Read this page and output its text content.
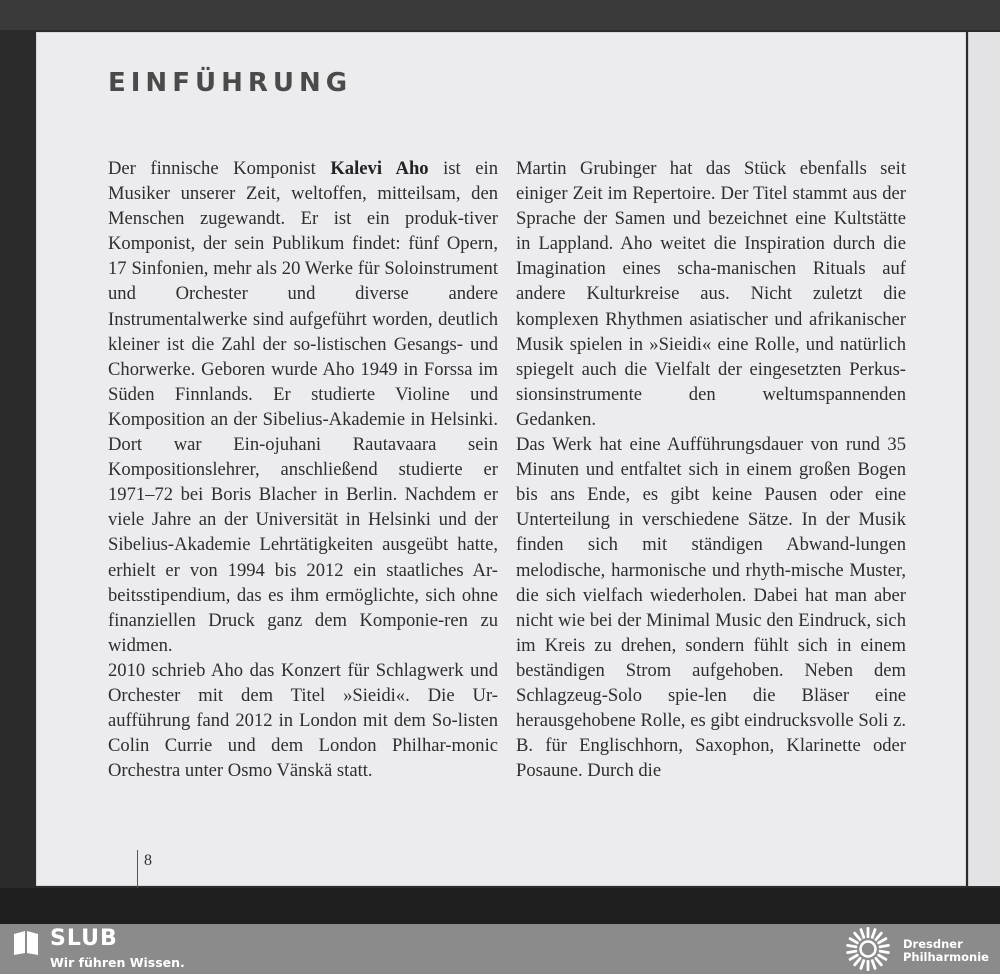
EINFÜHRUNG

Der finnische Komponist Kalevi Aho ist ein Musiker unserer Zeit, weltoffen, mitteilsam, den Menschen zugewandt. Er ist ein produk-tiver Komponist, der sein Publikum findet: fünf Opern, 17 Sinfonien, mehr als 20 Werke für Soloinstrument und Orchester und diverse andere Instrumentalwerke sind aufgeführt worden, deutlich kleiner ist die Zahl der so-listischen Gesangs- und Chorwerke. Geboren wurde Aho 1949 in Forssa im Süden Finnlands. Er studierte Violine und Komposition an der Sibelius-Akademie in Helsinki. Dort war Ein-ojuhani Rautavaara sein Kompositionslehrer, anschließend studierte er 1971–72 bei Boris Blacher in Berlin. Nachdem er viele Jahre an der Universität in Helsinki und der Sibelius-Akademie Lehrtätigkeiten ausgeübt hatte, erhielt er von 1994 bis 2012 ein staatliches Ar-beitsstipendium, das es ihm ermöglichte, sich ohne finanziellen Druck ganz dem Komponie-ren zu widmen.

2010 schrieb Aho das Konzert für Schlagwerk und Orchester mit dem Titel »Sieidi«. Die Ur-aufführung fand 2012 in London mit dem So-listen Colin Currie und dem London Philhar-monic Orchestra unter Osmo Vänskä statt.

Martin Grubinger hat das Stück ebenfalls seit einiger Zeit im Repertoire. Der Titel stammt aus der Sprache der Samen und bezeichnet eine Kultstätte in Lappland. Aho weitet die Inspiration durch die Imagination eines scha-manischen Rituals auf andere Kulturkreise aus. Nicht zuletzt die komplexen Rhythmen asiatischer und afrikanischer Musik spielen in »Sieidi« eine Rolle, und natürlich spiegelt auch die Vielfalt der eingesetzten Perkus-sionsinstrumente den weltumspannenden Gedanken.

Das Werk hat eine Aufführungsdauer von rund 35 Minuten und entfaltet sich in einem großen Bogen bis ans Ende, es gibt keine Pausen oder eine Unterteilung in verschiedene Sätze. In der Musik finden sich mit ständigen Abwand-lungen melodische, harmonische und rhyth-mische Muster, die sich vielfach wiederholen. Dabei hat man aber nicht wie bei der Minimal Music den Eindruck, sich im Kreis zu drehen, sondern fühlt sich in einem beständigen Strom aufgehoben. Neben dem Schlagzeug-Solo spie-len die Bläser eine herausgehobene Rolle, es gibt eindrucksvolle Soli z. B. für Englischhorn, Saxophon, Klarinette oder Posaune. Durch die

8
SLUB
Wir führen Wissen.
Dresdner
Philharmonie
